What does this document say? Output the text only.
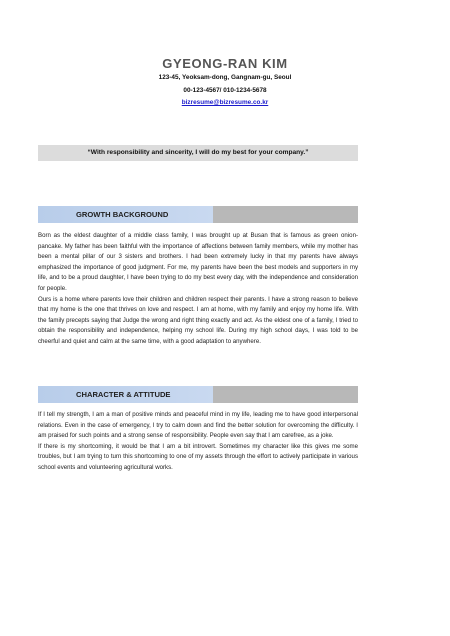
GYEONG-RAN KIM
123-45, Yeoksam-dong, Gangnam-gu, Seoul
00-123-4567/ 010-1234-5678
bizresume@bizresume.co.kr
“With responsibility and sincerity, I will do my best for your company.”
GROWTH BACKGROUND

Born as the eldest daughter of a middle class family, I was brought up at Busan that is famous as green onion-pancake. My father has been faithful with the importance of affections between family members, while my mother has been a mental pillar of our 3 sisters and brothers. I had been extremely lucky in that my parents have always emphasized the importance of good judgment. For me, my parents have been the best models and supporters in my life, and to be a proud daughter, I have been trying to do my best every day, with the independence and consideration for people.

Ours is a home where parents love their children and children respect their parents. I have a strong reason to believe that my home is the one that thrives on love and respect. I am at home, with my family and enjoy my home life. With the family precepts saying that Judge the wrong and right thing exactly and act. As the eldest one of a family, I tried to obtain the responsibility and independence, helping my school life. During my high school days, I was told to be cheerful and quiet and calm at the same time, with a good adaptation to anywhere.

CHARACTER & ATTITUDE

If I tell my strength, I am a man of positive minds and peaceful mind in my life, leading me to have good interpersonal relations. Even in the case of emergency, I try to calm down and find the better solution for overcoming the difficulty. I am praised for such points and a strong sense of responsibility. People even say that I am carefree, as a joke.

If there is my shortcoming, it would be that I am a bit introvert. Sometimes my character like this gives me some troubles, but I am trying to turn this shortcoming to one of my assets through the effort to actively participate in various school events and volunteering agricultural works.
